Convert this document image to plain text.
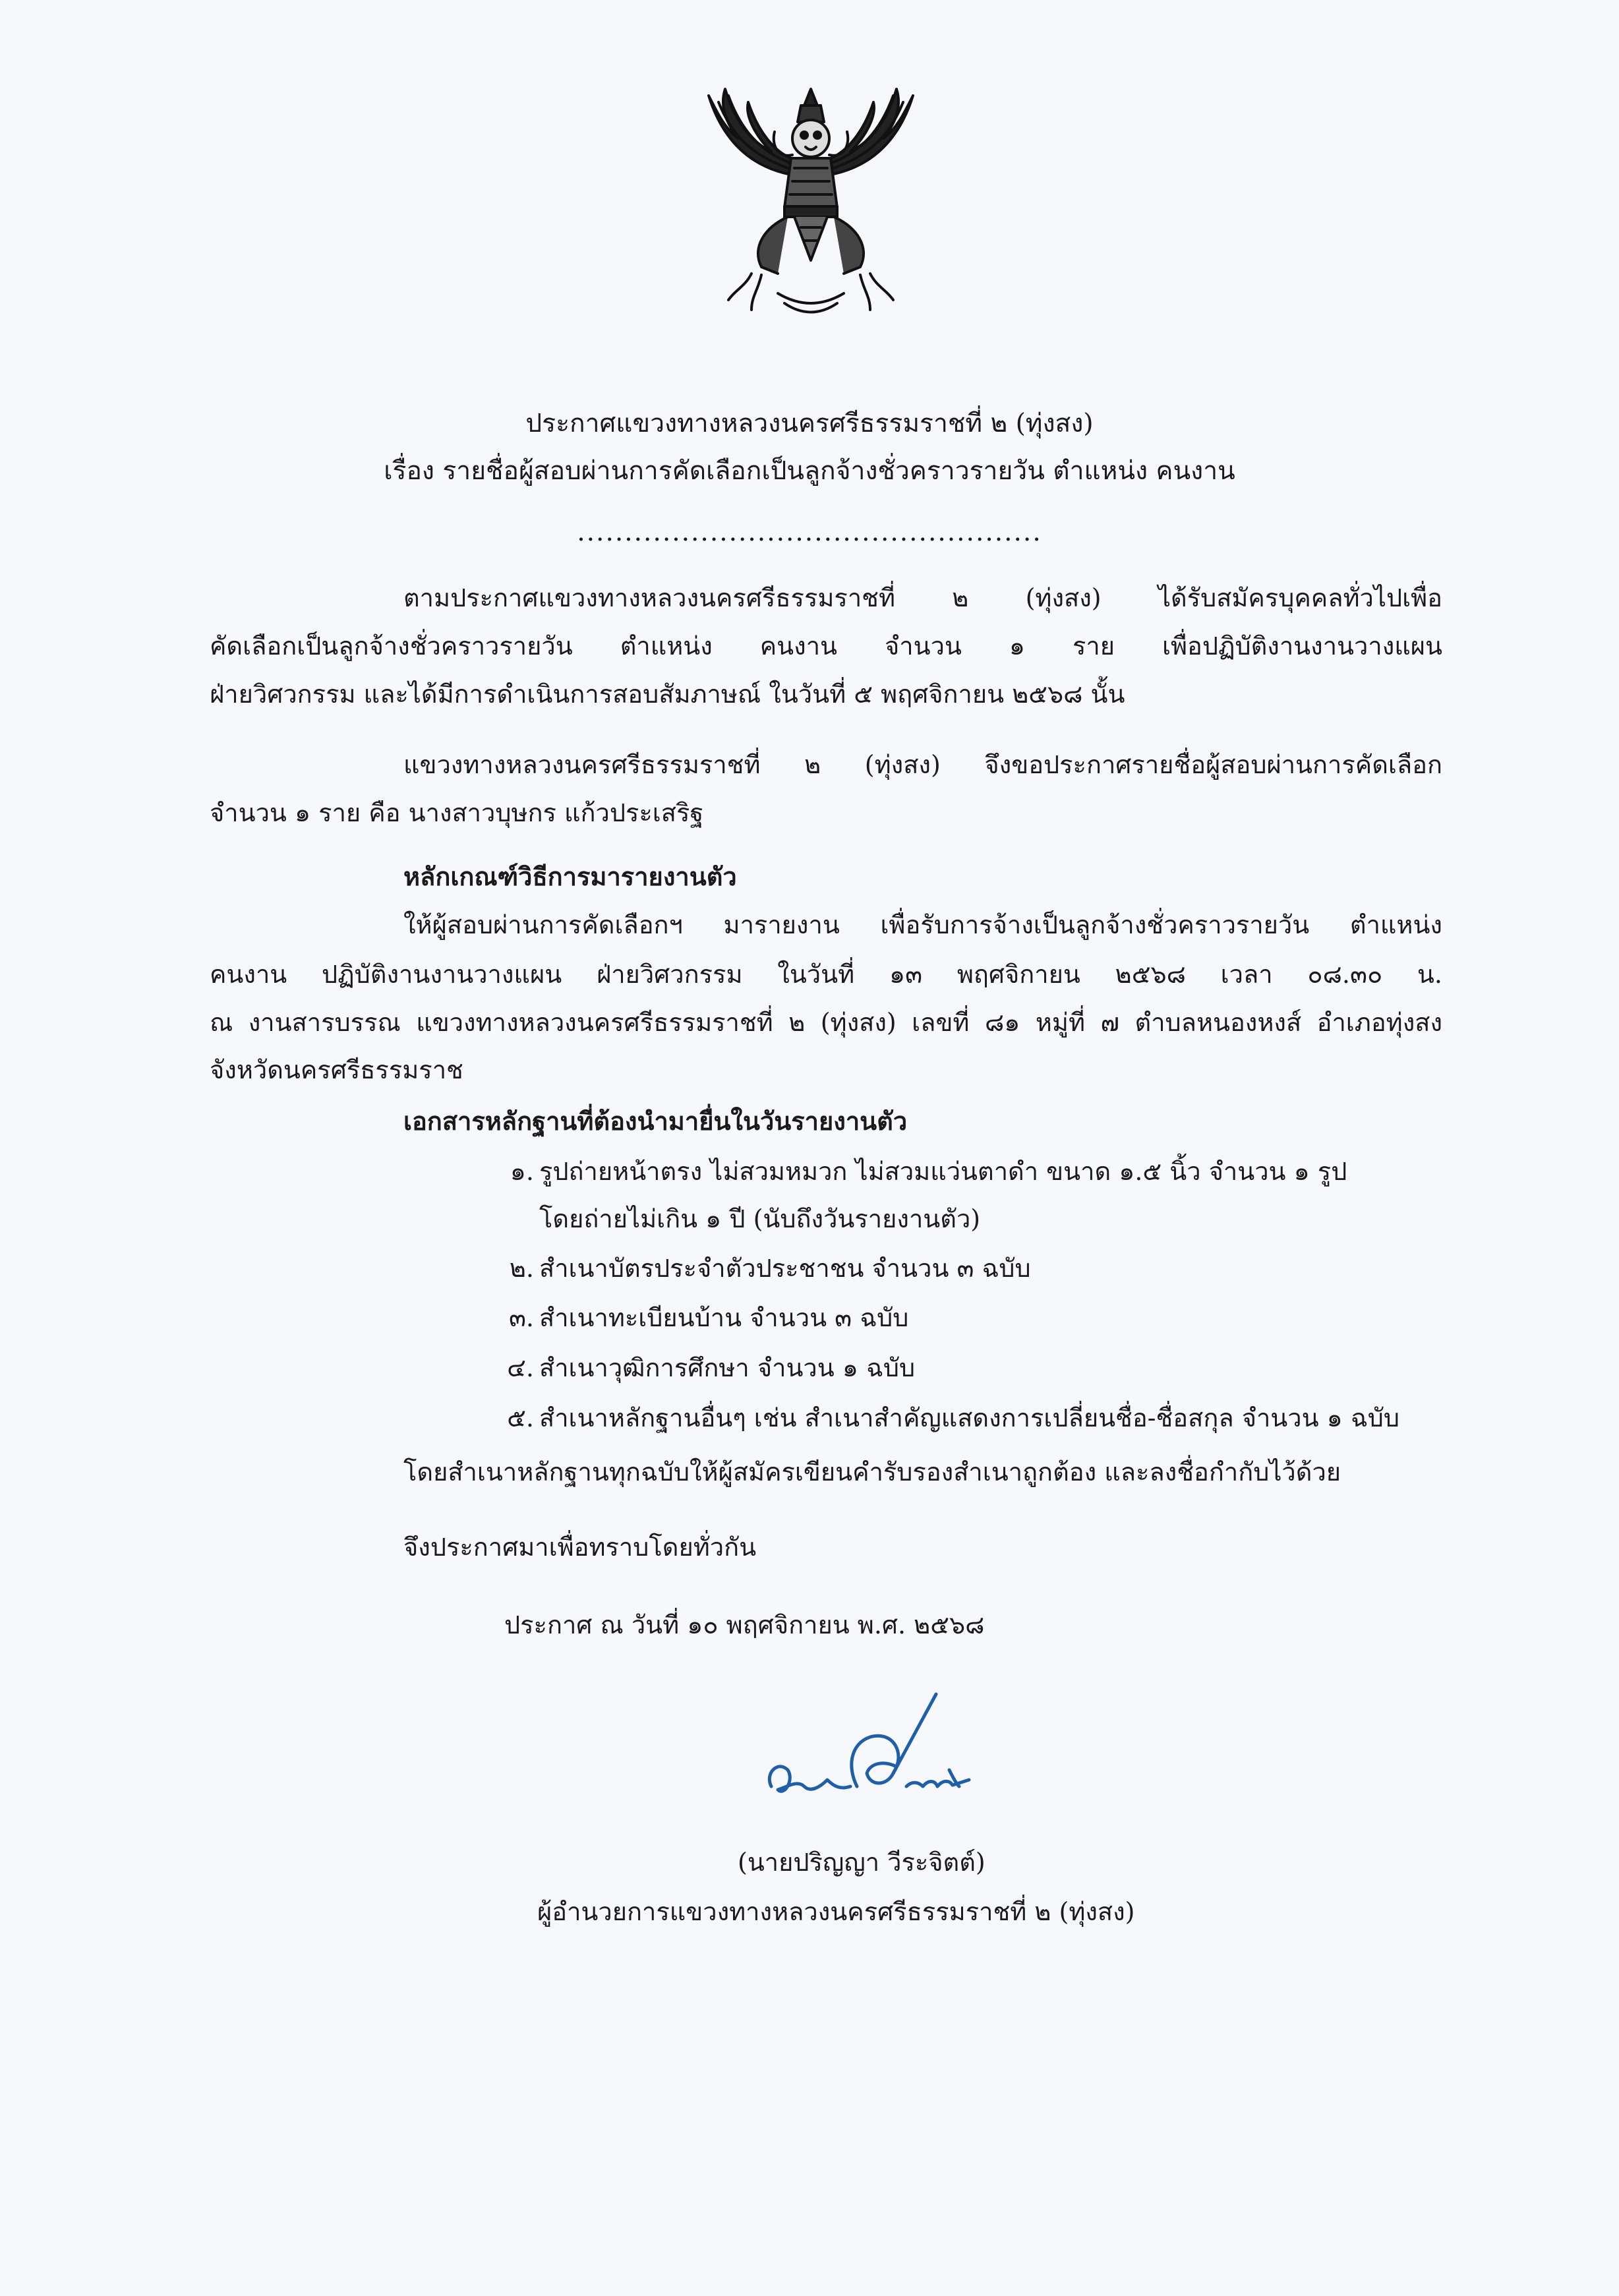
ประกาศแขวงทางหลวงนครศรีธรรมราชที่ ๒ (ทุ่งสง)
เรื่อง รายชื่อผู้สอบผ่านการคัดเลือกเป็นลูกจ้างชั่วคราวรายวัน ตำแหน่ง คนงาน
.................................................
ตามประกาศแขวงทางหลวงนครศรีธรรมราชที่ ๒ (ทุ่งสง) ได้รับสมัครบุคคลทั่วไปเพื่อ
คัดเลือกเป็นลูกจ้างชั่วคราวรายวัน ตำแหน่ง คนงาน จำนวน ๑ ราย เพื่อปฏิบัติงานงานวางแผน
ฝ่ายวิศวกรรม และได้มีการดำเนินการสอบสัมภาษณ์ ในวันที่ ๕ พฤศจิกายน ๒๕๖๘ นั้น
แขวงทางหลวงนครศรีธรรมราชที่ ๒ (ทุ่งสง) จึงขอประกาศรายชื่อผู้สอบผ่านการคัดเลือก
จำนวน ๑ ราย คือ นางสาวบุษกร แก้วประเสริฐ
หลักเกณฑ์วิธีการมารายงานตัว
ให้ผู้สอบผ่านการคัดเลือกฯ มารายงาน เพื่อรับการจ้างเป็นลูกจ้างชั่วคราวรายวัน ตำแหน่ง
คนงาน ปฏิบัติงานงานวางแผน ฝ่ายวิศวกรรม ในวันที่ ๑๓ พฤศจิกายน ๒๕๖๘ เวลา ๐๘.๓๐ น.
ณ งานสารบรรณ แขวงทางหลวงนครศรีธรรมราชที่ ๒ (ทุ่งสง) เลขที่ ๘๑ หมู่ที่ ๗ ตำบลหนองหงส์ อำเภอทุ่งสง
จังหวัดนครศรีธรรมราช
เอกสารหลักฐานที่ต้องนำมายื่นในวันรายงานตัว
๑. รูปถ่ายหน้าตรง ไม่สวมหมวก ไม่สวมแว่นตาดำ ขนาด ๑.๕ นิ้ว จำนวน ๑ รูป
โดยถ่ายไม่เกิน ๑ ปี (นับถึงวันรายงานตัว)
๒. สำเนาบัตรประจำตัวประชาชน จำนวน ๓ ฉบับ
๓. สำเนาทะเบียนบ้าน จำนวน ๓ ฉบับ
๔. สำเนาวุฒิการศึกษา จำนวน ๑ ฉบับ
๕. สำเนาหลักฐานอื่นๆ เช่น สำเนาสำคัญแสดงการเปลี่ยนชื่อ-ชื่อสกุล จำนวน ๑ ฉบับ
โดยสำเนาหลักฐานทุกฉบับให้ผู้สมัครเขียนคำรับรองสำเนาถูกต้อง และลงชื่อกำกับไว้ด้วย
จึงประกาศมาเพื่อทราบโดยทั่วกัน
ประกาศ ณ วันที่ ๑๐ พฤศจิกายน พ.ศ. ๒๕๖๘
(นายปริญญา วีระจิตต์)
ผู้อำนวยการแขวงทางหลวงนครศรีธรรมราชที่ ๒ (ทุ่งสง)
